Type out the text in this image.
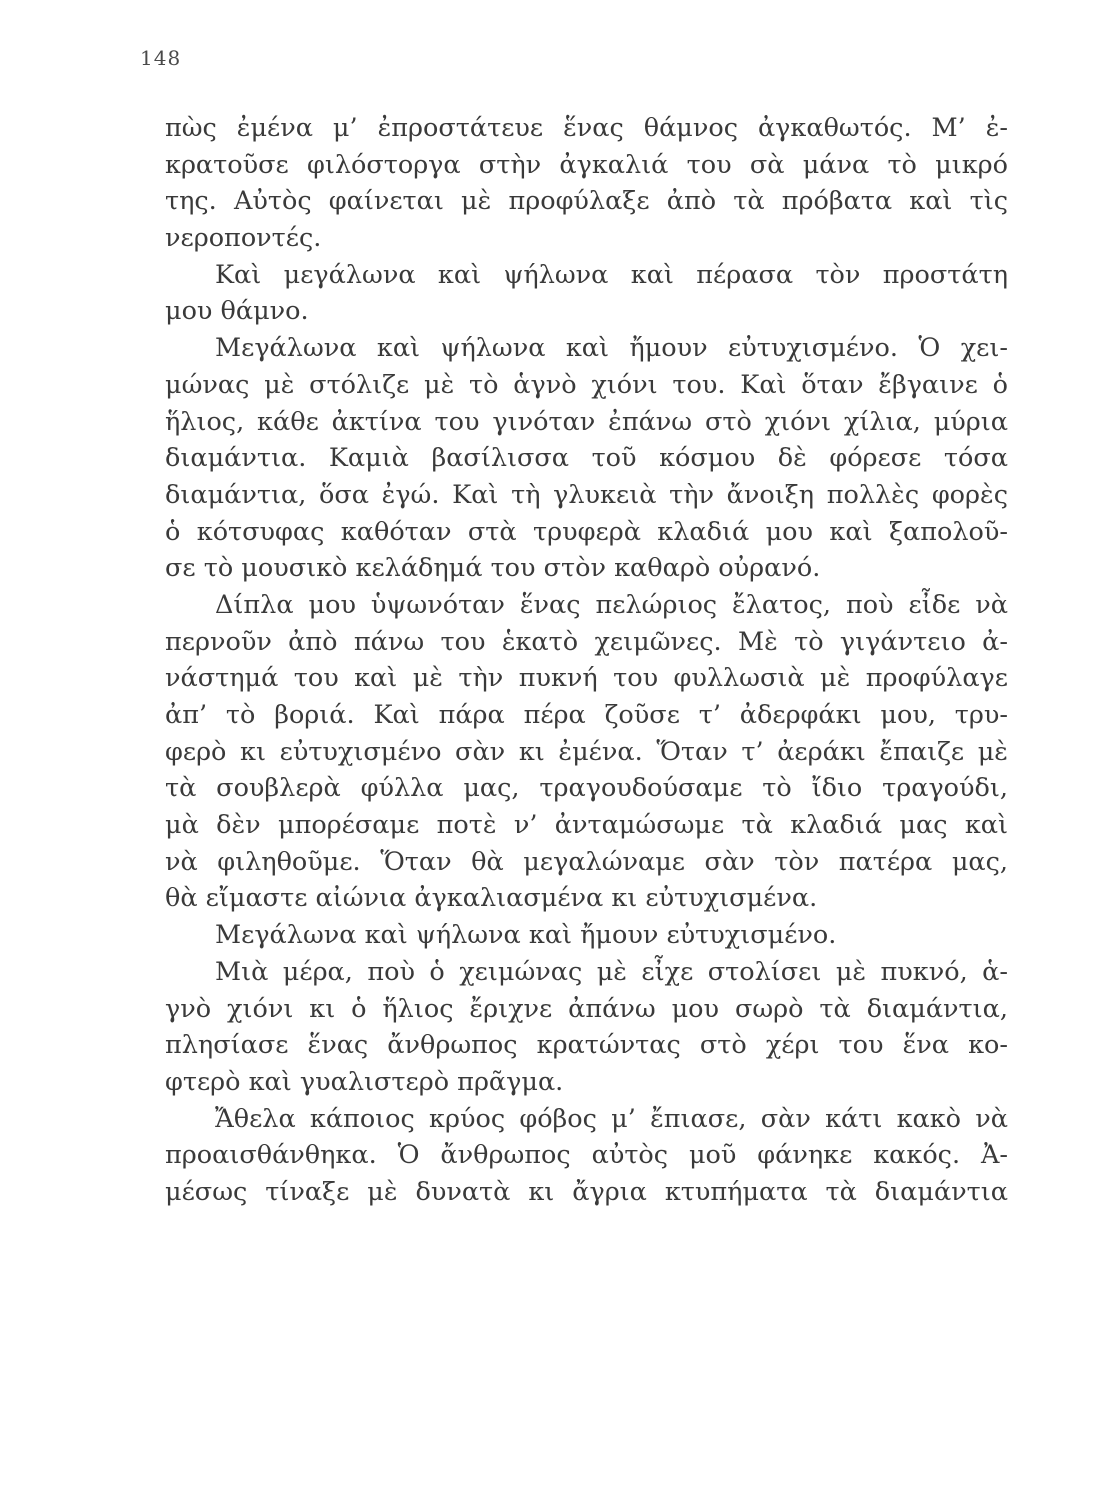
148
πὼς ἐμένα μ’ ἐπροστάτευε ἕνας θάμνος ἀγκαθωτός. Μ’ ἐ-
κρατοῦσε φιλόστοργα στὴν ἀγκαλιά του σὰ μάνα τὸ μικρό
της. Αὐτὸς φαίνεται μὲ προφύλαξε ἀπὸ τὰ πρόβατα καὶ τὶς
νεροποντές.
Καὶ μεγάλωνα καὶ ψήλωνα καὶ πέρασα τὸν προστάτη
μου θάμνο.
Μεγάλωνα καὶ ψήλωνα καὶ ἤμουν εὐτυχισμένο. Ὁ χει-
μώνας μὲ στόλιζε μὲ τὸ ἁγνὸ χιόνι του. Καὶ ὅταν ἔβγαινε ὁ
ἥλιος, κάθε ἀκτίνα του γινόταν ἐπάνω στὸ χιόνι χίλια, μύρια
διαμάντια. Καμιὰ βασίλισσα τοῦ κόσμου δὲ φόρεσε τόσα
διαμάντια, ὅσα ἐγώ. Καὶ τὴ γλυκειὰ τὴν ἄνοιξη πολλὲς φορὲς
ὁ κότσυφας καθόταν στὰ τρυφερὰ κλαδιά μου καὶ ξαπολοῦ-
σε τὸ μουσικὸ κελάδημά του στὸν καθαρὸ οὐρανό.
Δίπλα μου ὑψωνόταν ἕνας πελώριος ἔλατος, ποὺ εἶδε νὰ
περνοῦν ἀπὸ πάνω του ἑκατὸ χειμῶνες. Μὲ τὸ γιγάντειο ἀ-
νάστημά του καὶ μὲ τὴν πυκνή του φυλλωσιὰ μὲ προφύλαγε
ἀπ’ τὸ βοριά. Καὶ πάρα πέρα ζοῦσε τ’ ἀδερφάκι μου, τρυ-
φερὸ κι εὐτυχισμένο σὰν κι ἐμένα. Ὅταν τ’ ἀεράκι ἔπαιζε μὲ
τὰ σουβλερὰ φύλλα μας, τραγουδούσαμε τὸ ἴδιο τραγούδι,
μὰ δὲν μπορέσαμε ποτὲ ν’ ἀνταμώσωμε τὰ κλαδιά μας καὶ
νὰ φιληθοῦμε. Ὅταν θὰ μεγαλώναμε σὰν τὸν πατέρα μας,
θὰ εἴμαστε αἰώνια ἀγκαλιασμένα κι εὐτυχισμένα.
Μεγάλωνα καὶ ψήλωνα καὶ ἤμουν εὐτυχισμένο.
Μιὰ μέρα, ποὺ ὁ χειμώνας μὲ εἶχε στολίσει μὲ πυκνό, ἁ-
γνὸ χιόνι κι ὁ ἥλιος ἔριχνε ἀπάνω μου σωρὸ τὰ διαμάντια,
πλησίασε ἕνας ἄνθρωπος κρατώντας στὸ χέρι του ἕνα κο-
φτερὸ καὶ γυαλιστερὸ πρᾶγμα.
Ἄθελα κάποιος κρύος φόβος μ’ ἔπιασε, σὰν κάτι κακὸ νὰ
προαισθάνθηκα. Ὁ ἄνθρωπος αὐτὸς μοῦ φάνηκε κακός. Ἀ-
μέσως τίναξε μὲ δυνατὰ κι ἄγρια κτυπήματα τὰ διαμάντια
